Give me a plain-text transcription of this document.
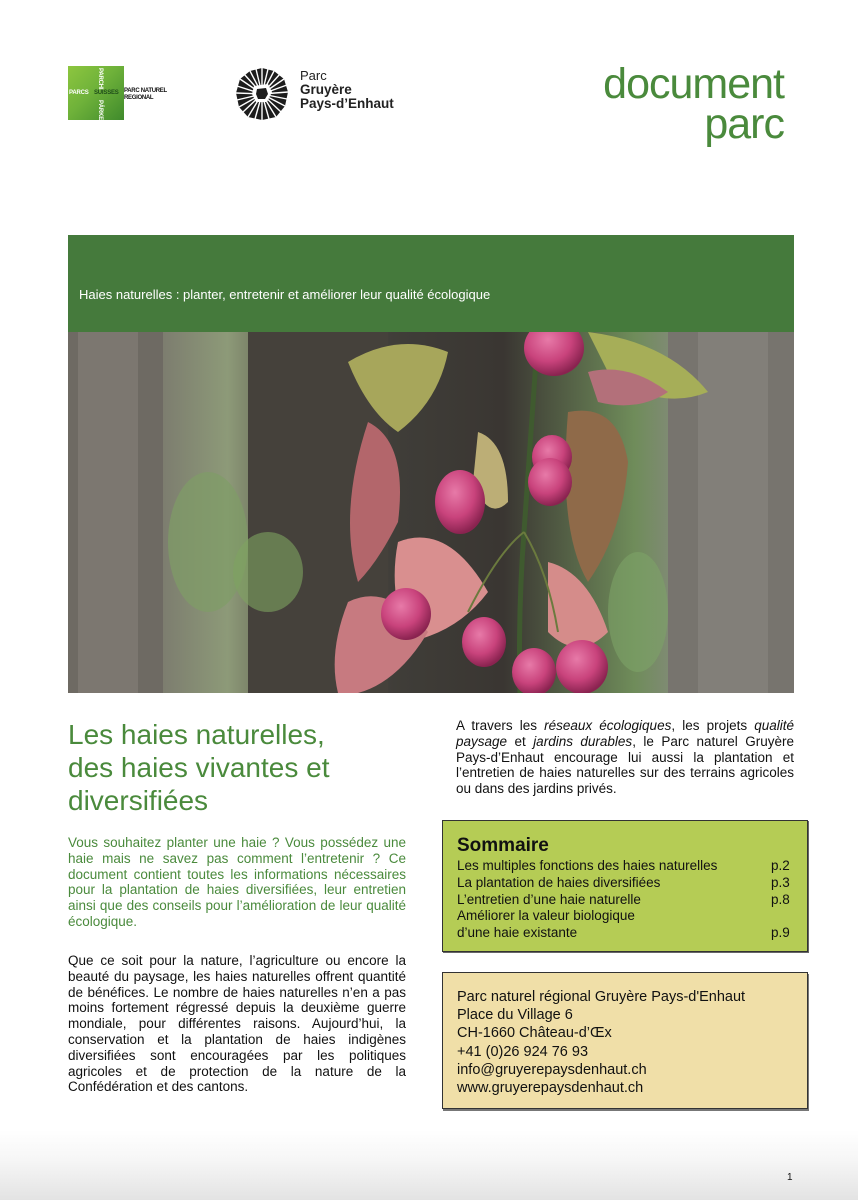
PARCS SUISSES
PARCHI
PÄRKE
PARC NATUREL
REGIONAL
Parc
Gruyère
Pays-d’Enhaut	document
parc
Haies naturelles : planter, entretenir et améliorer leur qualité écologique
Les haies naturelles,
des haies vivantes et
diversifiées
Vous souhaitez planter une haie ? Vous possédez une haie mais ne savez pas comment l’entretenir ? Ce document contient toutes les informations nécessaires pour la plantation de haies diversifiées, leur entretien ainsi que des conseils pour l’amélioration de leur qualité écologique.
Que ce soit pour la nature, l’agriculture ou encore la beauté du paysage, les haies naturelles offrent quantité de bénéfices. Le nombre de haies naturelles n’en a pas moins fortement régressé depuis la deuxième guerre mondiale, pour différentes raisons. Aujourd’hui, la conservation et la plantation de haies indigènes diversifiées sont encouragées par les politiques agricoles et de protection de la nature de la Confédération et des cantons.
A travers les réseaux écologiques, les projets qualité paysage et jardins durables, le Parc naturel Gruyère Pays-d’Enhaut encourage lui aussi la plantation et l’entretien de haies naturelles sur des terrains agricoles ou dans des jardins privés.
Sommaire
Les multiples fonctions des haies naturelles	p.2
La plantation de haies diversifiées	p.3
L’entretien d’une haie naturelle	p.8
Améliorer la valeur biologique
d’une haie existante	p.9
Parc naturel régional Gruyère Pays-d'Enhaut
Place du Village 6
CH-1660 Château-d’Œx
+41 (0)26 924 76 93
info@gruyerepaysdenhaut.ch
www.gruyerepaysdenhaut.ch
1
